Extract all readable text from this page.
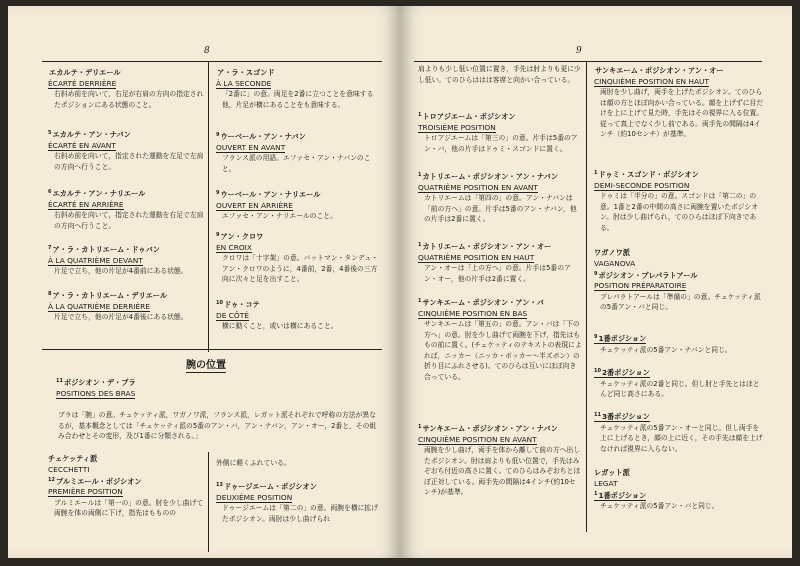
8
エカルテ・デリエール
ÉCARTÉ DERRIÈRE
右斜め前を向いて，右足が右肩の方向の指定されたポジションにある状態のこと。
$^5$エカルテ・アン・ナバン
ÉCARTÉ EN AVANT
右斜め前を向いて，指定された運動を左足で左肩の方向へ行うこと。
$^6$エカルテ・アン・ナリエール
ÉCARTÉ EN ARRIÈRE
右斜め前を向いて，指定された運動を右足で左肩の方向へ行うこと。
$^7$ア・ラ・カトリエーム・ドゥバン
À LA QUATRIÈME DEVANT
片足で立ち，他の片足が4番前にある状態。
$^8$ア・ラ・カトリエーム・デリエール
À LA QUATRIÈME DERRIÈRE
片足で立ち，他の片足が4番後にある状態。
ア・ラ・スゴンド
À LA SECONDE
「2番に」の意。両足を2番に立つことを意味する他，片足が横にあることをも意味する。
$^9$ウーベール・アン・ナバン
OUVERT EN AVANT
フランス派の用語。エファセ・アン・ナバンのこと。
$^9$ウーベール・アン・ナリエール
OUVERT EN ARRIÈRE
エファセ・アン・ナリエールのこと。
$^9$アン・クロワ
EN CROIX
クロワは「十字架」の意。バットマン・タンデュ・アン・クロワのように，4番前，2番，4番後の三方向に次々と足を出すこと。
$^{10}$ドゥ・コテ
DE CÔTÉ
横に動くこと，或いは横にあること。
腕の位置
$^{11}$ポジシオン・デ・ブラ
POSITIONS DES BRAS
ブラは「腕」の意。チェケッティ派，ワガノワ派，フランス派，レガット派それぞれで呼称の方法が異なるが，基本概念としては「チェケッティ派の5番のアン・バ，アン・ナバン，アン・オー，2番と，その組み合わせとその変形，及び1番に分類される。」
チェケッティ派
CECCHETTI
$^{12}$プルミエール・ポジシオン
PREMIÈRE POSITION
プルミエールは「第一の」の意。肘を少し曲げて両腕を体の両側に下げ，指先はもものの
外側に軽くふれている。
$^{13}$ドゥージエーム・ポジシオン
DEUXIÈME POSITION
ドゥージエームは「第二の」の意。両腕を横に拡げたポジシオン。両肘は少し曲げられ
9
肩よりも少し低い位置に置き，手先は肘よりも更に少し低い。てのひらははは客席と向かい合っている。
$^1$トロアジエーム・ポジシオン
TROISIÈME POSITION
トロアジエームは「第三の」の意。片手は5番のアン・バ，他の片手はドゥミ・スゴンドに置く。
$^1$カトリエーム・ポジシオン・アン・ナバン
QUATRIÈME POSITION EN AVANT
カトリエームは「第四の」の意。アン・ナバンは「前の方へ」の意。片手は5番のアン・ナバン，他の片手は2番に置く。
$^1$カトリエーム・ポジシオン・アン・オー
QUATRIÈME POSITION EN HAUT
アン・オーは「上の方へ」の意。片手は5番のアン・オー，他の片手は2番に置く。
$^1$サンキエーム・ポジシオン・アン・バ
CINQUIÈME POSITION EN BAS
サンキエームは「第五の」の意。アン・バは「下の方へ」の意。肘を少し曲げて両腕を下げ，指先はももの前に置く。(チェケッティのテキストの表現によれば，ニッカー（ニッカ・ボッカー〜半ズボン）の折り目にふれさせる)。てのひらは互いにほぼ向き合っている。
$^1$サンキエーム・ポジシオン・アン・ナバン
CINQUIÈME POSITION EN AVANT
両腕を少し曲げ，両手を体から離して前の方へ出したポジシオン。肘は肩よりも低い位置で，手先はみぞおち付近の高さに置く。てのひらはみぞおちとほぼ正対している。両手先の間隔は4インチ(約10センチ)が基準。
サンキエーム・ポジシオン・アン・オー
CINQUIÈME POSITION EN HAUT
両肘を少し曲げ，両手を上げたポジシオン。てのひらは顔の方とほぼ向かい合っている。顔を上げずに目だけを上に上げて見た時，手先はその視界に入る位置。従って真上でなく少し前である。両手先の間隔は4インチ（約10センチ）が基準。
$^1$ドゥミ・スゴンド・ポジシオン
DEMI-SECONDE POSITION
ドゥミは「半分の」の意。スゴンドは「第二の」の意。1番と2番の中間の高さに両腕を置いたポジシオン。肘は少し曲げられ，てのひらはほぼ下向きである。
ワガノワ派
VAGANOVA
$^9$ポジシオン・プレパラトアール
POSITION PRÉPARATOIRE
プレパラトアールは「準備の」の意。チェケッティ派の5番アン・バと同じ。
$^9$1番ポジション
チェケッティ派の5番アン・ナバンと同じ。
$^{10}$2番ポジション
チェケッティ派の2番と同じ。但し肘と手先とはほとんど同じ高さにある。
$^{11}$3番ポジション
チェケッティ派の5番アン・オーと同じ。但し両手を上に上げるとき，顔の上に近く，その手先は顔を上げなければ視界に入らない。
レガット派
LEGAT
$^1$1番ポジション
チェケッティ派の5番アン・バと同じ。
